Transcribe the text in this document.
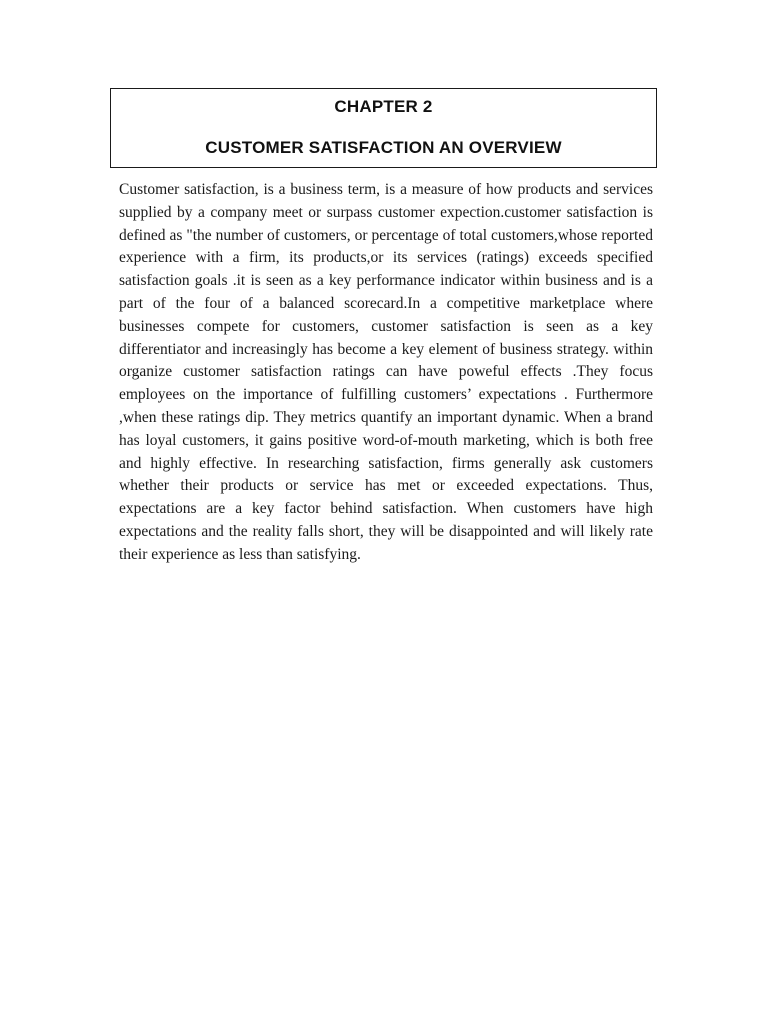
CHAPTER 2
CUSTOMER SATISFACTION AN OVERVIEW

Customer satisfaction, is a business term, is a measure of how products and services supplied by a company meet or surpass customer expection.customer satisfaction is defined as "the number of customers, or percentage of total customers,whose reported experience with a firm, its products,or its services (ratings) exceeds specified satisfaction goals .it is seen as a key performance indicator within business and is a part of the four of a balanced scorecard.In a competitive marketplace where businesses compete for customers, customer satisfaction is seen as a key differentiator and increasingly has become a key element of business strategy. within organize customer satisfaction ratings can have poweful effects .They focus employees on the importance of fulfilling customers’ expectations . Furthermore ,when these ratings dip. They metrics quantify an important dynamic. When a brand has loyal customers, it gains positive word-of-mouth marketing, which is both free and highly effective. In researching satisfaction, firms generally ask customers whether their products or service has met or exceeded expectations. Thus, expectations are a key factor behind satisfaction. When customers have high expectations and the reality falls short, they will be disappointed and will likely rate their experience as less than satisfying.
